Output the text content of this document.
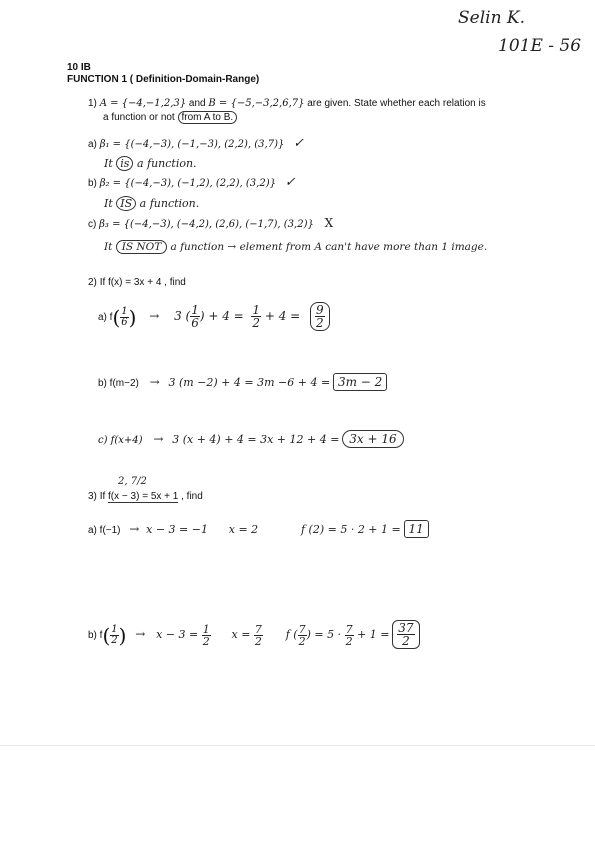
Selin K.
101E - 56
10 IB
FUNCTION 1 ( Definition-Domain-Range)
1) A = {−4,−1,2,3} and B = {−5,−3,2,6,7} are given. State whether each relation is
a function or not from A to B.
a) β₁ = {(−4,−3), (−1,−3), (2,2), (3,7)} ✓
It is a function.
b) β₂ = {(−4,−3), (−1,2), (2,2), (3,2)} ✓
It IS a function.
c) β₃ = {(−4,−3), (−4,2), (2,6), (−1,7), (3,2)} X
It IS NOT a function → element from A can't have more than 1 image.
2) If f(x) = 3x + 4 , find
a) $f( \frac{1}{6}$ ) → 3 ( $\frac{1}{6}$ ) + $4 = \frac{1}{2} + 4 = \frac{9}{2}$
b) f(m−2) → 3 (m −2) + 4 = 3m −6 + 4 = 3m − 2
c) f(x+4) → 3 (x + 4) + 4 = 3x + 12 + 4 = 3x + 16
2, 7/2
3) If f(x − 3) = 5x + 1 , find
a) f(−1) → x − 3 = −1 x = 2	f (2) = 5 · 2 + 1 = 11
b) $f( \frac{1}{2}$ ) → $x - 3 = \frac{1}{2}$ $x = \frac{7}{2}$ f ( $\frac{7}{2}$ ) = $5 \cdot \frac{7}{2} + 1 = \frac{37}{2}$
